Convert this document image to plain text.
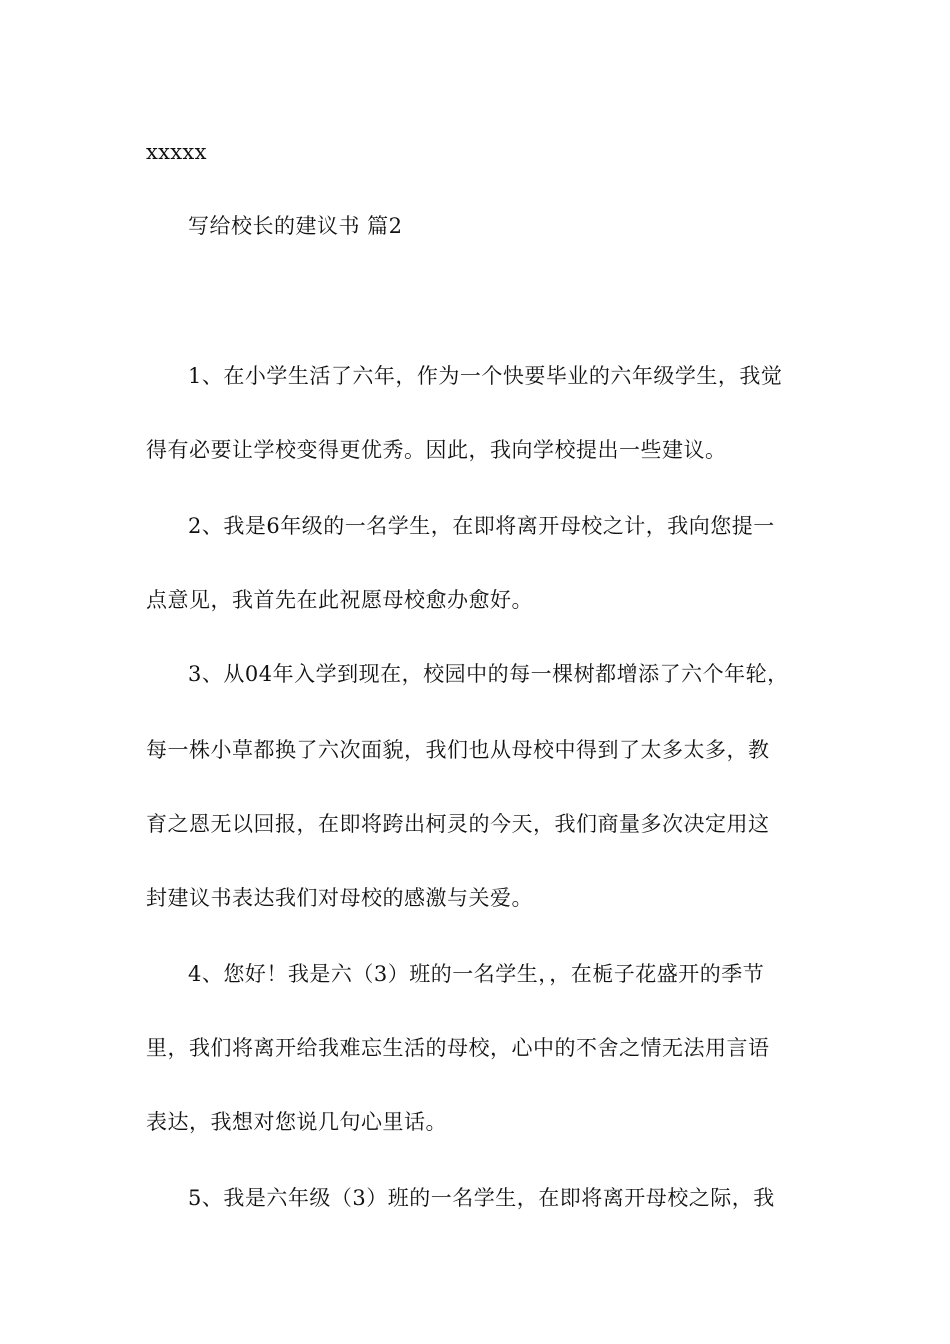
xxxxx
写给校长的建议书 篇2
1、在小学生活了六年，作为一个快要毕业的六年级学生，我觉
得有必要让学校变得更优秀。因此，我向学校提出一些建议。
2、我是6年级的一名学生，在即将离开母校之计，我向您提一
点意见，我首先在此祝愿母校愈办愈好。
3、从04年入学到现在，校园中的每一棵树都增添了六个年轮，
每一株小草都换了六次面貌，我们也从母校中得到了太多太多，教
育之恩无以回报，在即将跨出柯灵的今天，我们商量多次决定用这
封建议书表达我们对母校的感激与关爱。
4、您好！我是六（3）班的一名学生，，在栀子花盛开的季节
里，我们将离开给我难忘生活的母校，心中的不舍之情无法用言语
表达，我想对您说几句心里话。
5、我是六年级（3）班的一名学生，在即将离开母校之际，我
